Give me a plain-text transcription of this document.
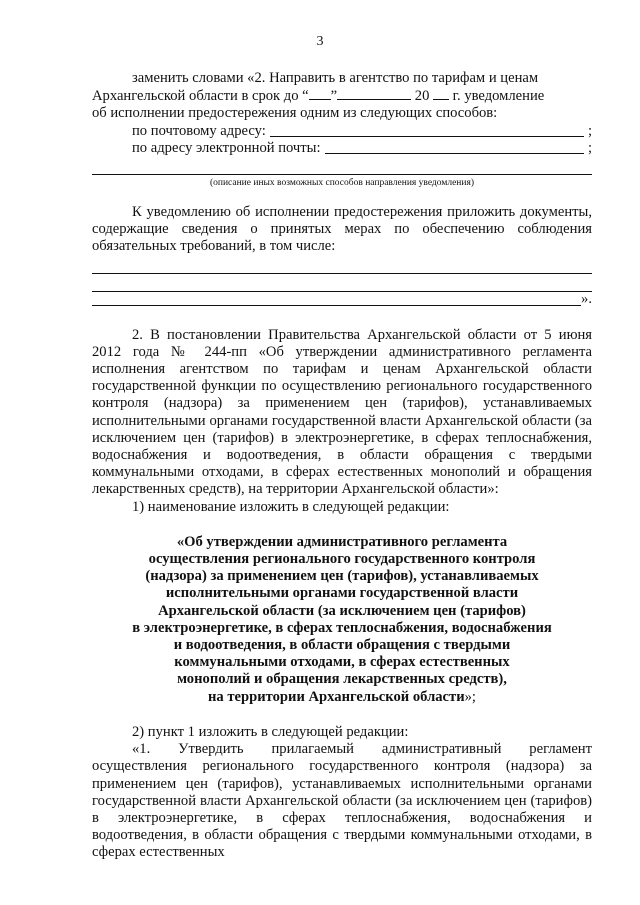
3

заменить словами «2. Направить в агентство по тарифам и ценам

Архангельской области в срок до “ ”	20  г. уведомление

об исполнении предостережения одним из следующих способов:

по почтовому адресу:	;
по адресу электронной почты:	;
(описание иных возможных способов направления уведомления)

К уведомлению об исполнении предостережения приложить документы, содержащие сведения о принятых мерах по обеспечению соблюдения обязательных требований, в том числе:

».

2. В постановлении Правительства Архангельской области от 5 июня 2012 года № 244-пп «Об утверждении административного регламента исполнения агентством по тарифам и ценам Архангельской области государственной функции по осуществлению регионального государственного контроля (надзора) за применением цен (тарифов), устанавливаемых исполнительными органами государственной власти Архангельской области (за исключением цен (тарифов) в электроэнергетике, в сферах теплоснабжения, водоснабжения и водоотведения, в области обращения с твердыми коммунальными отходами, в сферах естественных монополий и обращения лекарственных средств), на территории Архангельской области»:

1) наименование изложить в следующей редакции:

«Об утверждении административного регламента
осуществления регионального государственного контроля
(надзора) за применением цен (тарифов), устанавливаемых
исполнительными органами государственной власти
Архангельской области (за исключением цен (тарифов)
в электроэнергетике, в сферах теплоснабжения, водоснабжения
и водоотведения, в области обращения с твердыми
коммунальными отходами, в сферах естественных
монополий и обращения лекарственных средств),
на территории Архангельской области»;

2) пункт 1 изложить в следующей редакции:

«1. Утвердить прилагаемый административный регламент осуществления регионального государственного контроля (надзора) за применением цен (тарифов), устанавливаемых исполнительными органами государственной власти Архангельской области (за исключением цен (тарифов) в электроэнергетике, в сферах теплоснабжения, водоснабжения и водоотведения, в области обращения с твердыми коммунальными отходами, в сферах естественных
